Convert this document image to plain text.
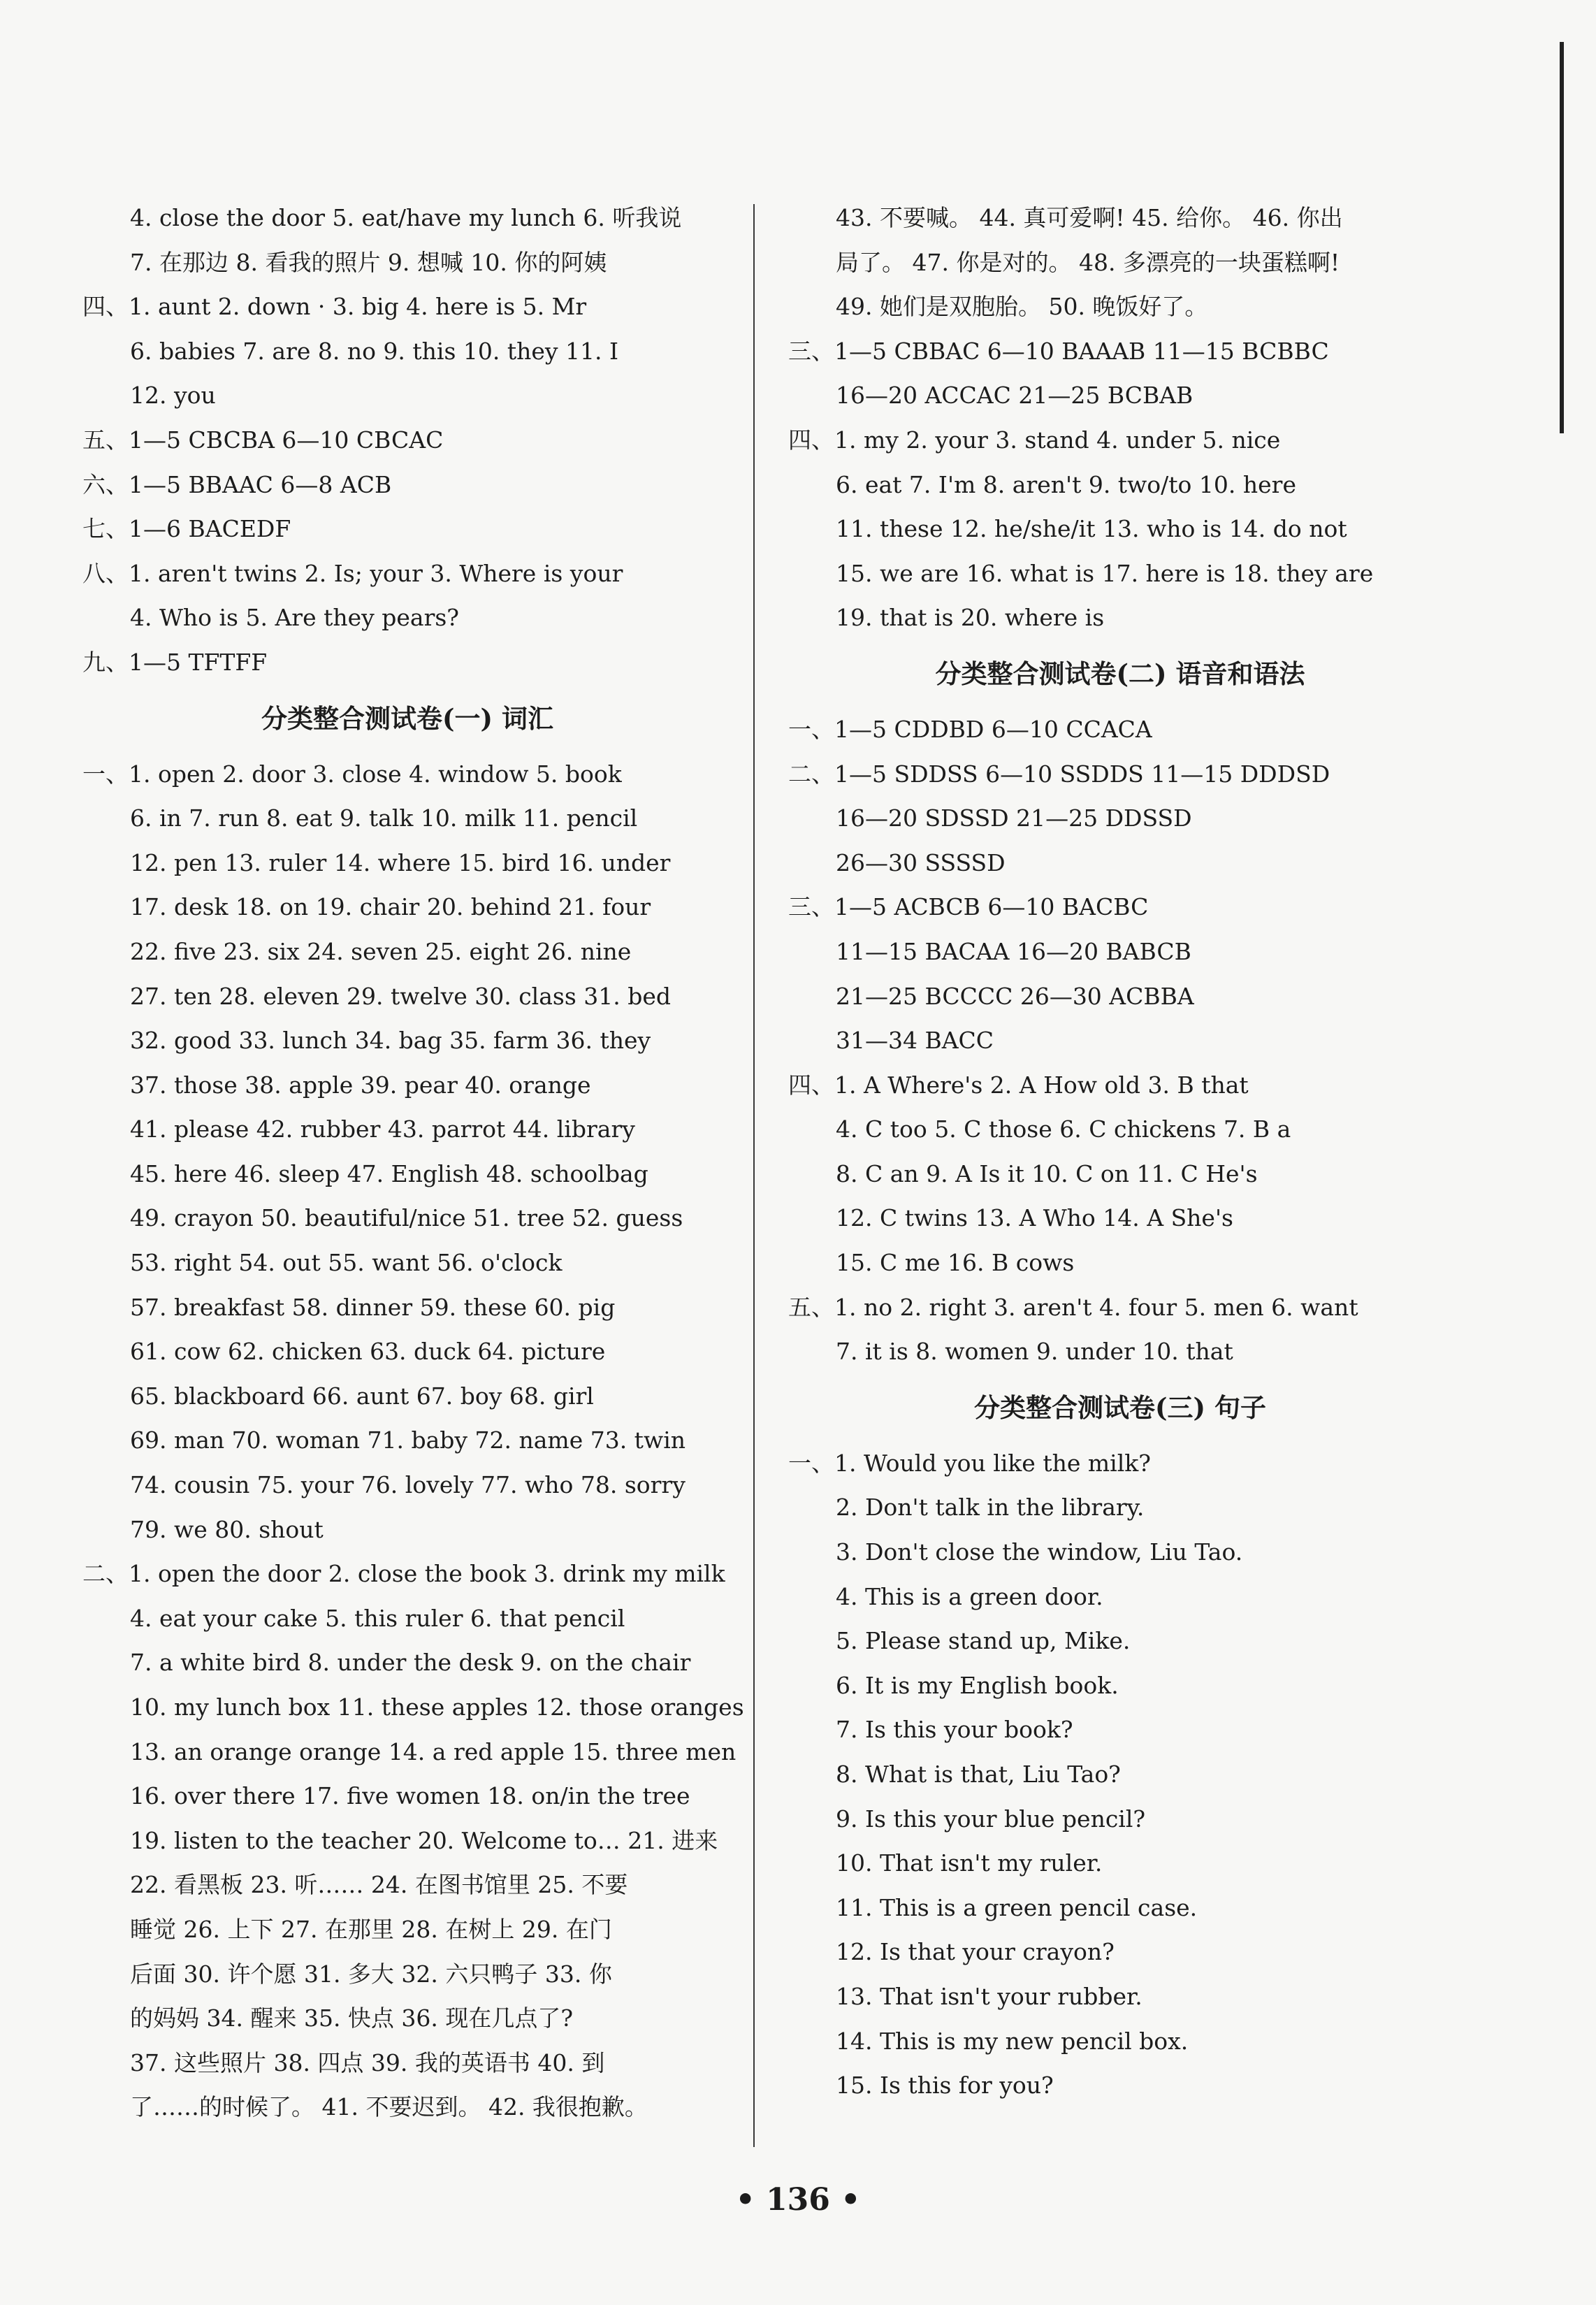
4. close the door 5. eat/have my lunch 6. 听我说
7. 在那边 8. 看我的照片 9. 想喊 10. 你的阿姨
四、1. aunt 2. down · 3. big 4. here is 5. Mr
6. babies 7. are 8. no 9. this 10. they 11. I
12. you
五、1—5 CBCBA 6—10 CBCAC
六、1—5 BBAAC 6—8 ACB
七、1—6 BACEDF
八、1. aren't twins 2. Is; your 3. Where is your
4. Who is 5. Are they pears?
九、1—5 TFTFF
分类整合测试卷(一) 词汇
一、1. open 2. door 3. close 4. window 5. book
6. in 7. run 8. eat 9. talk 10. milk 11. pencil
12. pen 13. ruler 14. where 15. bird 16. under
17. desk 18. on 19. chair 20. behind 21. four
22. five 23. six 24. seven 25. eight 26. nine
27. ten 28. eleven 29. twelve 30. class 31. bed
32. good 33. lunch 34. bag 35. farm 36. they
37. those 38. apple 39. pear 40. orange
41. please 42. rubber 43. parrot 44. library
45. here 46. sleep 47. English 48. schoolbag
49. crayon 50. beautiful/nice 51. tree 52. guess
53. right 54. out 55. want 56. o'clock
57. breakfast 58. dinner 59. these 60. pig
61. cow 62. chicken 63. duck 64. picture
65. blackboard 66. aunt 67. boy 68. girl
69. man 70. woman 71. baby 72. name 73. twin
74. cousin 75. your 76. lovely 77. who 78. sorry
79. we 80. shout
二、1. open the door 2. close the book 3. drink my milk
4. eat your cake 5. this ruler 6. that pencil
7. a white bird 8. under the desk 9. on the chair
10. my lunch box 11. these apples 12. those oranges
13. an orange orange 14. a red apple 15. three men
16. over there 17. five women 18. on/in the tree
19. listen to the teacher 20. Welcome to… 21. 进来
22. 看黑板 23. 听…… 24. 在图书馆里 25. 不要
睡觉 26. 上下 27. 在那里 28. 在树上 29. 在门
后面 30. 许个愿 31. 多大 32. 六只鸭子 33. 你
的妈妈 34. 醒来 35. 快点 36. 现在几点了?
37. 这些照片 38. 四点 39. 我的英语书 40. 到
了……的时候了。 41. 不要迟到。 42. 我很抱歉。
43. 不要喊。 44. 真可爱啊! 45. 给你。 46. 你出
局了。 47. 你是对的。 48. 多漂亮的一块蛋糕啊!
49. 她们是双胞胎。 50. 晚饭好了。
三、1—5 CBBAC 6—10 BAAAB 11—15 BCBBC
16—20 ACCAC 21—25 BCBAB
四、1. my 2. your 3. stand 4. under 5. nice
6. eat 7. I'm 8. aren't 9. two/to 10. here
11. these 12. he/she/it 13. who is 14. do not
15. we are 16. what is 17. here is 18. they are
19. that is 20. where is
分类整合测试卷(二) 语音和语法
一、1—5 CDDBD 6—10 CCACA
二、1—5 SDDSS 6—10 SSDDS 11—15 DDDSD
16—20 SDSSD 21—25 DDSSD
26—30 SSSSD
三、1—5 ACBCB 6—10 BACBC
11—15 BACAA 16—20 BABCB
21—25 BCCCC 26—30 ACBBA
31—34 BACC
四、1. A Where's 2. A How old 3. B that
4. C too 5. C those 6. C chickens 7. B a
8. C an 9. A Is it 10. C on 11. C He's
12. C twins 13. A Who 14. A She's
15. C me 16. B cows
五、1. no 2. right 3. aren't 4. four 5. men 6. want
7. it is 8. women 9. under 10. that
分类整合测试卷(三) 句子
一、1. Would you like the milk?
2. Don't talk in the library.
3. Don't close the window, Liu Tao.
4. This is a green door.
5. Please stand up, Mike.
6. It is my English book.
7. Is this your book?
8. What is that, Liu Tao?
9. Is this your blue pencil?
10. That isn't my ruler.
11. This is a green pencil case.
12. Is that your crayon?
13. That isn't your rubber.
14. This is my new pencil box.
15. Is this for you?
• 136 •
